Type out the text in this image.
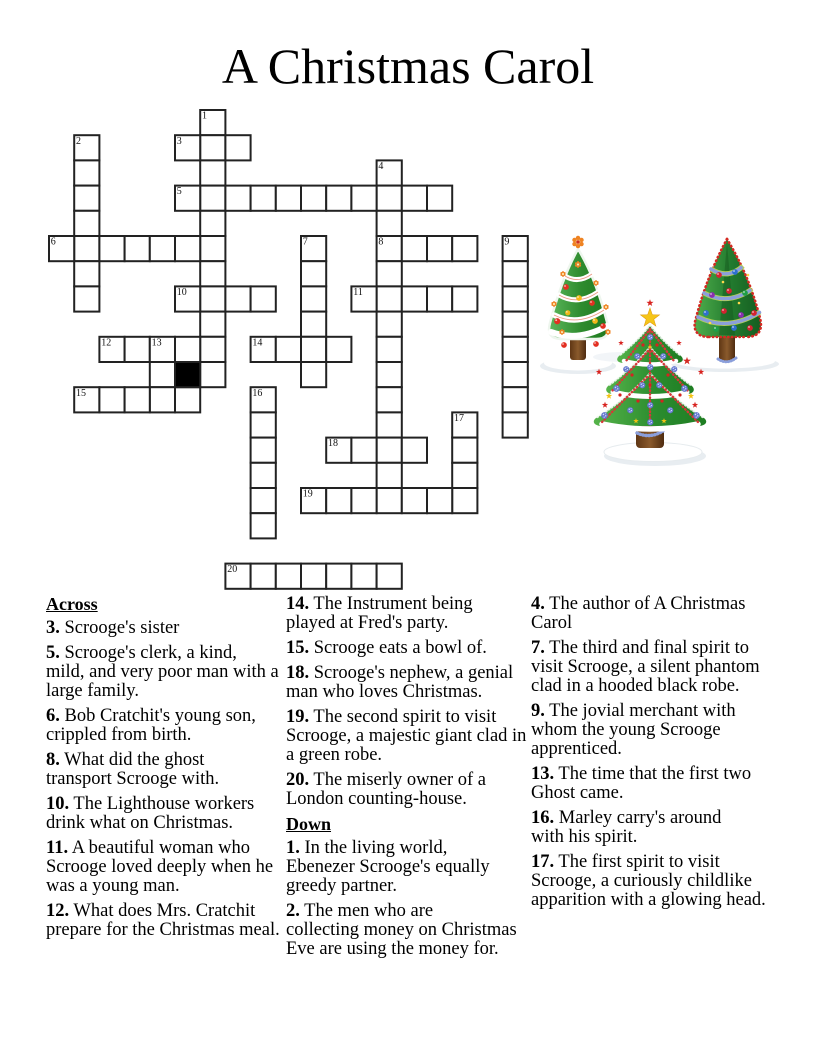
A Christmas Carol
1
2	3
4
5
6	7	8	9
10	11
12	13	14
15	16
17
18
19
20
Across

3. Scrooge's sister

5. Scrooge's clerk, a kind,
mild, and very poor man with a
large family.

6. Bob Cratchit's young son,
crippled from birth.

8. What did the ghost
transport Scrooge with.

10. The Lighthouse workers
drink what on Christmas.

11. A beautiful woman who
Scrooge loved deeply when he
was a young man.

12. What does Mrs. Cratchit
prepare for the Christmas meal.

14. The Instrument being
played at Fred's party.

15. Scrooge eats a bowl of.

18. Scrooge's nephew, a genial
man who loves Christmas.

19. The second spirit to visit
Scrooge, a majestic giant clad in
a green robe.

20. The miserly owner of a
London counting-house.

Down

1. In the living world,
Ebenezer Scrooge's equally
greedy partner.

2. The men who are
collecting money on Christmas
Eve are using the money for.

4. The author of A Christmas
Carol

7. The third and final spirit to
visit Scrooge, a silent phantom
clad in a hooded black robe.

9. The jovial merchant with
whom the young Scrooge
apprenticed.

13. The time that the first two
Ghost came.

16. Marley carry's around
with his spirit.

17. The first spirit to visit
Scrooge, a curiously childlike
apparition with a glowing head.
